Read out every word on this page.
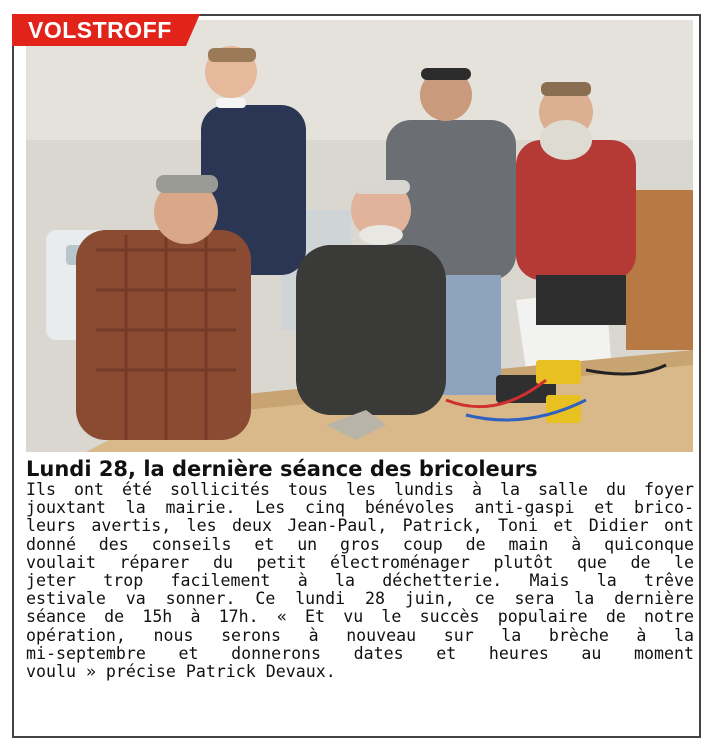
VOLSTROFF
Lundi 28, la dernière séance des bricoleurs
Ils ont été sollicités tous les lundis à la salle du foyer
jouxtant la mairie. Les cinq bénévoles anti-gaspi et brico-
leurs avertis, les deux Jean-Paul, Patrick, Toni et Didier ont
donné des conseils et un gros coup de main à quiconque
voulait réparer du petit électroménager plutôt que de le
jeter trop facilement à la déchetterie. Mais la trêve
estivale va sonner. Ce lundi 28 juin, ce sera la dernière
séance de 15h à 17h. « Et vu le succès populaire de notre
opération, nous serons à nouveau sur la brèche à la
mi-septembre et donnerons dates et heures au moment
voulu » précise Patrick Devaux.
